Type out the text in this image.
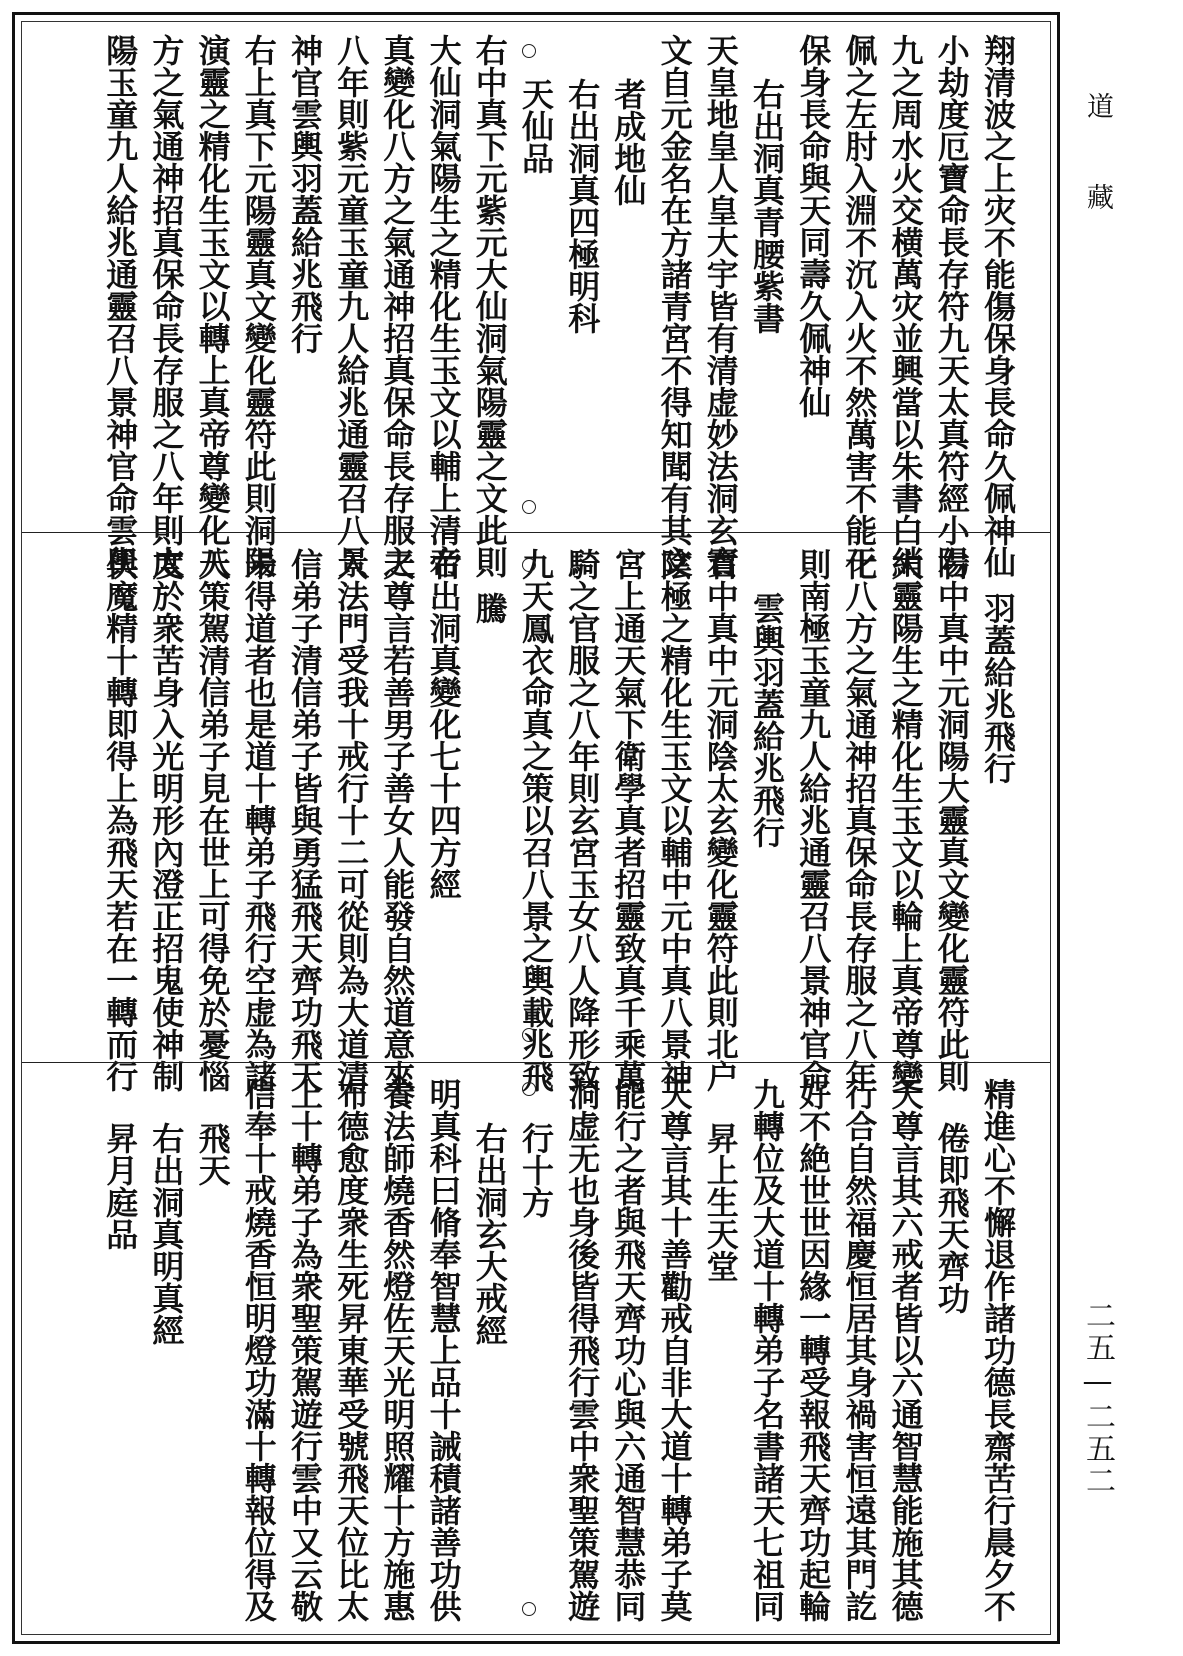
翔清波之上灾不能傷保身長命久佩神仙
小劫度厄寶命長存符九天太真符經小陽
九之周水火交横萬灾並興當以朱書白綃
佩之左肘入淵不沉入火不然萬害不能干
保身長命與天同壽久佩神仙
右出洞真青腰紫書
天皇地皇人皇大宇皆有清虚妙法洞玄寶
文自元金名在方諸青宮不得知聞有其文
者成地仙
右出洞真四極明科
天仙品
右中真下元紫元大仙洞氣陽靈之文此則
大仙洞氣陽生之精化生玉文以輔上清帝
真變化八方之氣通神招真保命長存服之
八年則紫元童玉童九人給兆通靈召八景
神官雲輿羽蓋給兆飛行
右上真下元陽靈真文變化靈符此則洞陽
演靈之精化生玉文以轉上真帝尊變化八
方之氣通神招真保命長存服之八年則太
陽玉童九人給兆通靈召八景神官命雲輿
羽蓋給兆飛行
右中真中元洞陽大靈真文變化靈符此則
大靈陽生之精化生玉文以輪上真帝尊變
化八方之氣通神招真保命長存服之八年
則南極玉童九人給兆通靈召八景神官命
雲輿羽蓋給兆飛行
右中真中元洞陰太玄變化靈符此則北户
陰極之精化生玉文以輔中元中真八景神
宮上通天氣下衛學真者招靈致真千乘萬
騎之官服之八年則玄宮玉女八人降形致
九天鳳衣命真之策以召八景之輿載兆飛
騰
右出洞真變化七十四方經
天尊言若善男子善女人能發自然道意來
入法門受我十戒行十二可從則為大道清
信弟子清信弟子皆與勇猛飛天齊功飛天
未得道者也是道十轉弟子飛行空虚為諸
天策駕清信弟子見在世上可得免於憂惱
度於衆苦身入光明形內澄正招鬼使神制
伏魔精十轉即得上為飛天若在一轉而行
精進心不懈退作諸功德長齋苦行晨夕不
倦即飛天齊功
天尊言其六戒者皆以六通智慧能施其德
行合自然福慶恒居其身禍害恒遠其門訖
好不絶世世因緣一轉受報飛天齊功起輪
九轉位及大道十轉弟子名書諸天七祖同
昇上生天堂
天尊言其十善勸戒自非大道十轉弟子莫
能行之者與飛天齊功心與六通智慧恭同
洞虚无也身後皆得飛行雲中衆聖策駕遊
行十方
右出洞玄大戒經
明真科曰脩奉智慧上品十誡積諸善功供
養法師燒香然燈佐天光明照耀十方施惠
布德愈度衆生死昇東華受號飛天位比太
上十轉弟子為衆聖策駕遊行雲中又云敬
信奉十戒燒香恒明燈功滿十轉報位得及
飛天
右出洞真明真經
昇月庭品
道藏
二五—二五二
